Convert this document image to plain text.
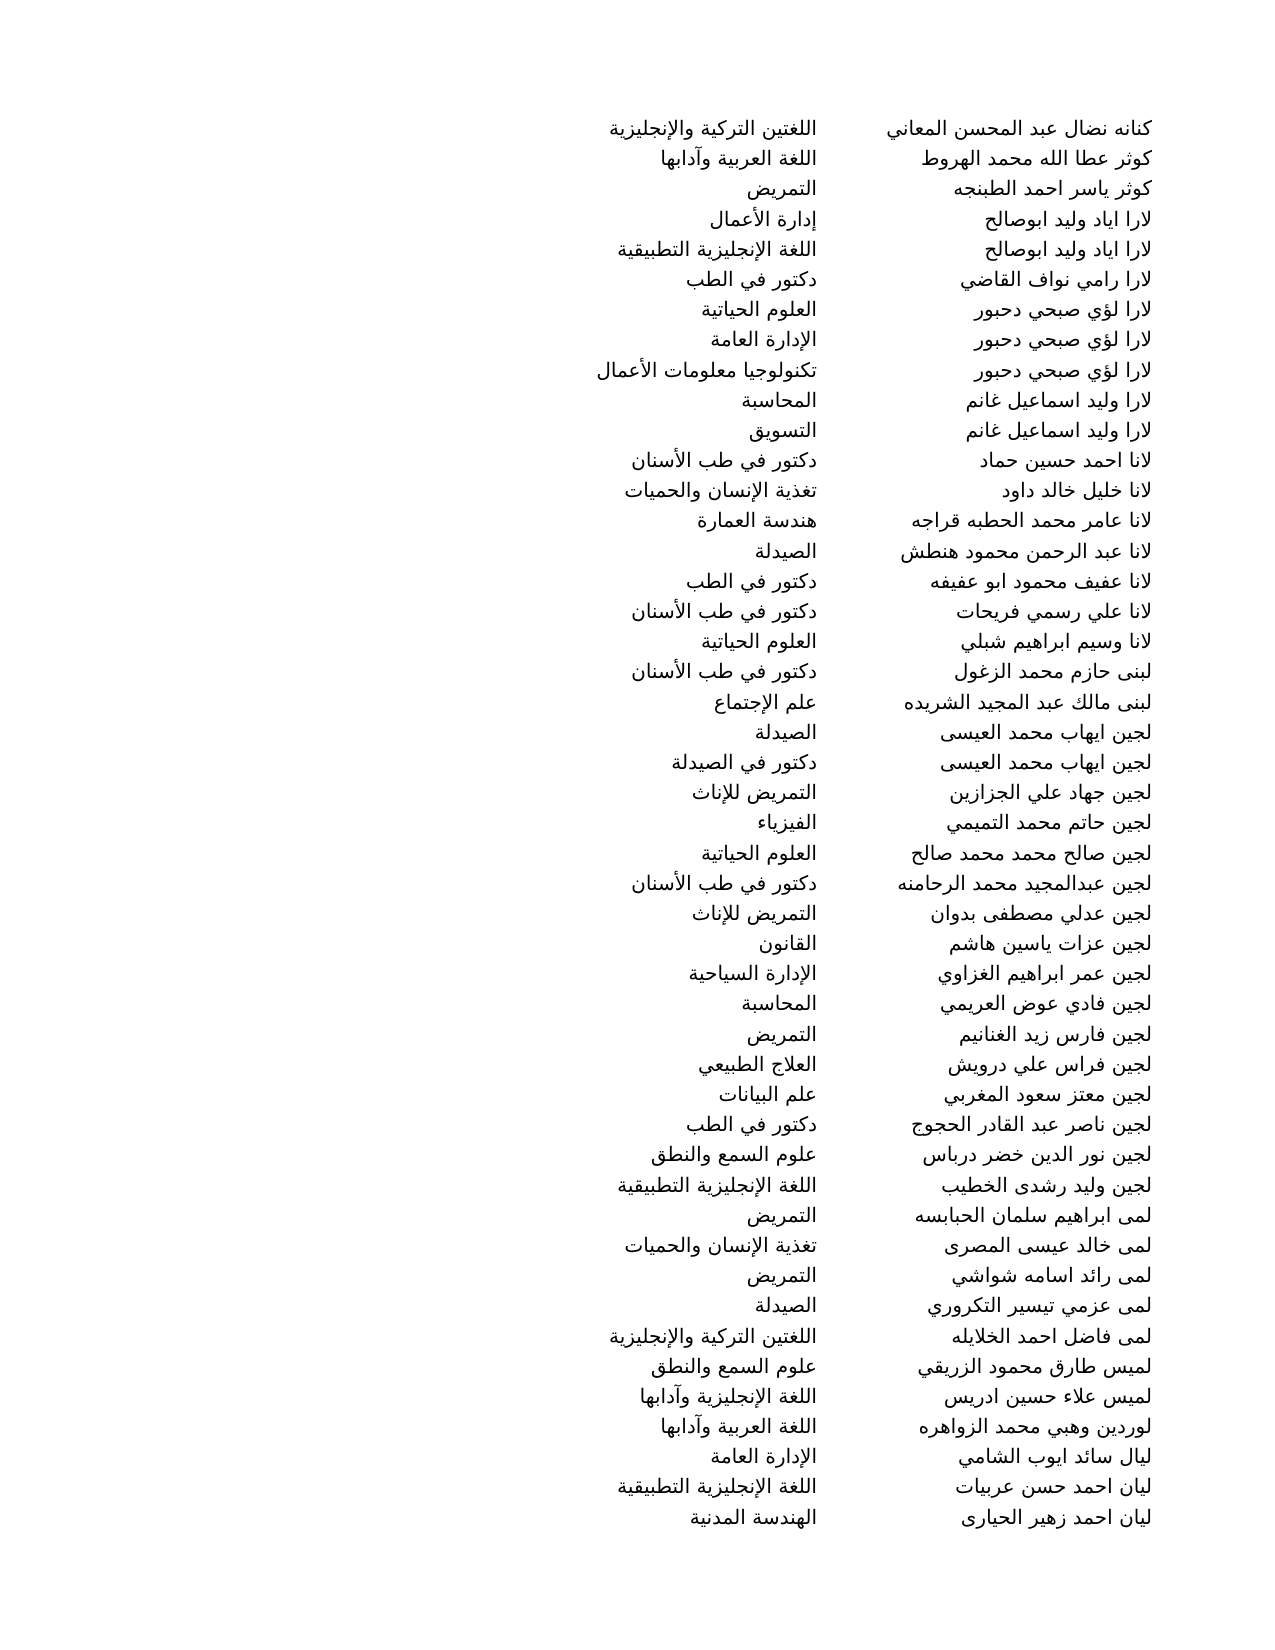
كنانه نضال عبد المحسن المعاني
اللغتين التركية والإنجليزية
كوثر عطا الله محمد الهروط
اللغة العربية وآدابها
كوثر ياسر احمد الطبنجه
التمريض
لارا اياد وليد ابوصالح
إدارة الأعمال
لارا اياد وليد ابوصالح
اللغة الإنجليزية التطبيقية
لارا رامي نواف القاضي
دكتور في الطب
لارا لؤي صبحي دحبور
العلوم الحياتية
لارا لؤي صبحي دحبور
الإدارة العامة
لارا لؤي صبحي دحبور
تكنولوجيا معلومات الأعمال
لارا وليد اسماعيل غانم
المحاسبة
لارا وليد اسماعيل غانم
التسويق
لانا احمد حسين حماد
دكتور في طب الأسنان
لانا خليل خالد داود
تغذية الإنسان والحميات
لانا عامر محمد الحطبه قراجه
هندسة العمارة
لانا عبد الرحمن محمود هنطش
الصيدلة
لانا عفيف محمود ابو عفيفه
دكتور في الطب
لانا علي رسمي فريحات
دكتور في طب الأسنان
لانا وسيم ابراهيم شبلي
العلوم الحياتية
لبنى حازم محمد الزغول
دكتور في طب الأسنان
لبنى مالك عبد المجيد الشريده
علم الإجتماع
لجين ايهاب محمد العيسى
الصيدلة
لجين ايهاب محمد العيسى
دكتور في الصيدلة
لجين جهاد علي الجزازين
التمريض للإناث
لجين حاتم محمد التميمي
الفيزياء
لجين صالح محمد محمد صالح
العلوم الحياتية
لجين عبدالمجيد محمد الرحامنه
دكتور في طب الأسنان
لجين عدلي مصطفى بدوان
التمريض للإناث
لجين عزات ياسين هاشم
القانون
لجين عمر ابراهيم الغزاوي
الإدارة السياحية
لجين فادي عوض العريمي
المحاسبة
لجين فارس زيد الغنانيم
التمريض
لجين فراس علي درويش
العلاج الطبيعي
لجين معتز سعود المغربي
علم البيانات
لجين ناصر عبد القادر الحجوج
دكتور في الطب
لجين نور الدين خضر درباس
علوم السمع والنطق
لجين وليد رشدى الخطيب
اللغة الإنجليزية التطبيقية
لمى ابراهيم سلمان الحبابسه
التمريض
لمى خالد عيسى المصرى
تغذية الإنسان والحميات
لمى رائد اسامه شواشي
التمريض
لمى عزمي تيسير التكروري
الصيدلة
لمى فاضل احمد الخلايله
اللغتين التركية والإنجليزية
لميس طارق محمود الزريقي
علوم السمع والنطق
لميس علاء حسين ادريس
اللغة الإنجليزية وآدابها
لوردين وهبي محمد الزواهره
اللغة العربية وآدابها
ليال سائد ايوب الشامي
الإدارة العامة
ليان احمد حسن عربيات
اللغة الإنجليزية التطبيقية
ليان احمد زهير الحيارى
الهندسة المدنية
